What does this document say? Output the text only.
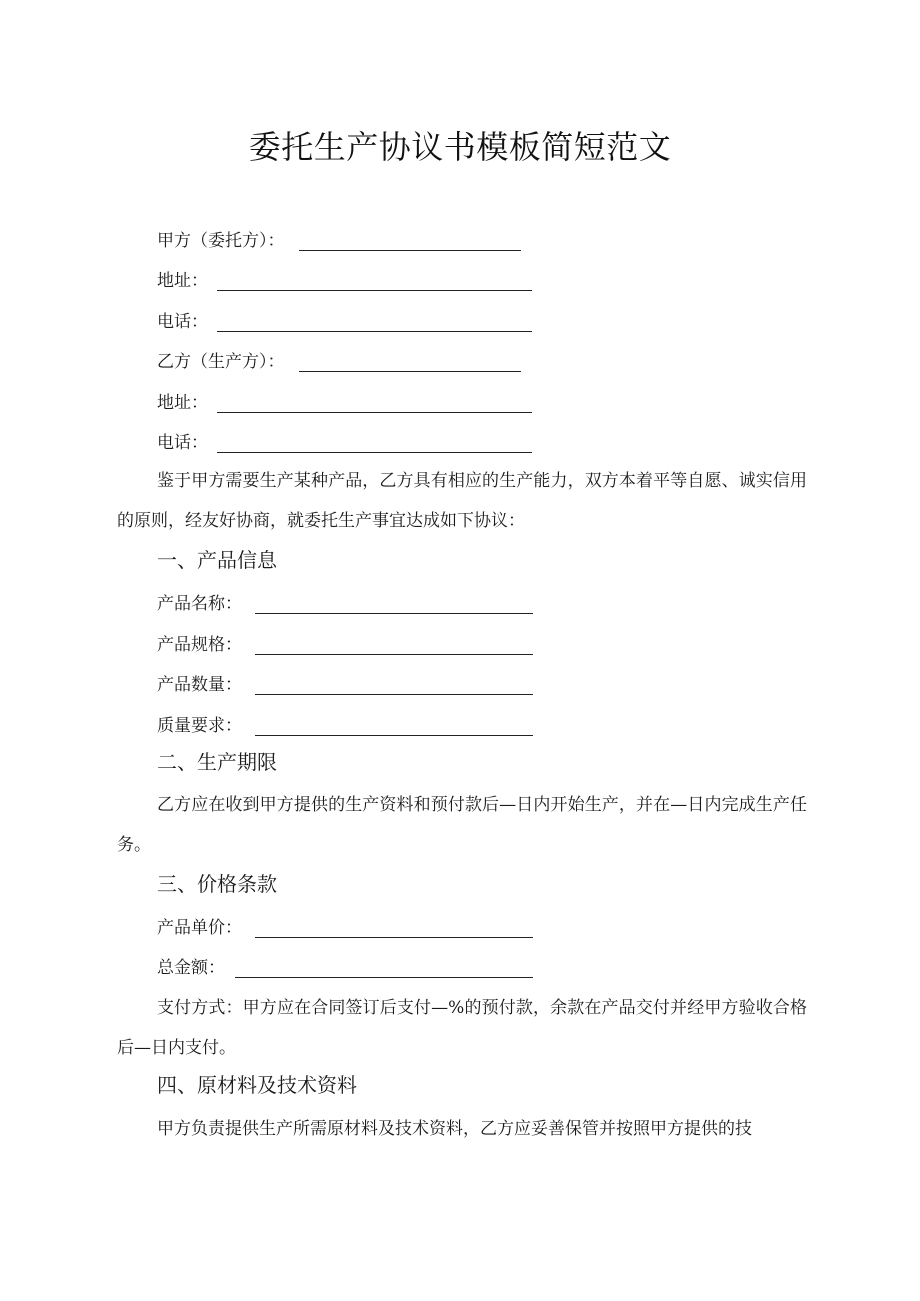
委托生产协议书模板简短范文
甲方（委托方）：
地址：
电话：
乙方（生产方）：
地址：
电话：
鉴于甲方需要生产某种产品，乙方具有相应的生产能力，双方本着平等自愿、诚实信用的原则，经友好协商，就委托生产事宜达成如下协议：
一、产品信息
产品名称：
产品规格：
产品数量：
质量要求：
二、生产期限
乙方应在收到甲方提供的生产资料和预付款后—日内开始生产，并在—日内完成生产任务。
三、价格条款
产品单价：
总金额：
支付方式：甲方应在合同签订后支付—%的预付款，余款在产品交付并经甲方验收合格后—日内支付。
四、原材料及技术资料
甲方负责提供生产所需原材料及技术资料，乙方应妥善保管并按照甲方提供的技
